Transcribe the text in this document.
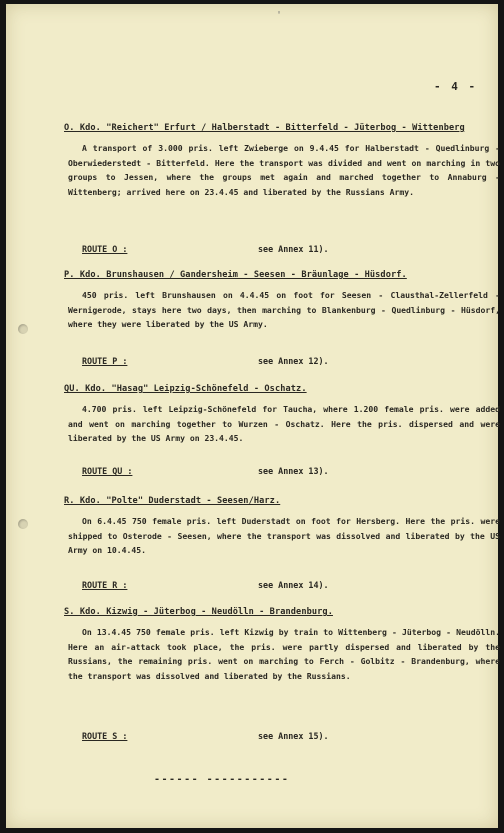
'
- 4 -
O. Kdo. "Reichert" Erfurt / Halberstadt - Bitterfeld - Jüterbog - Wittenberg
A transport of 3.000 pris. left Zwieberge on 9.4.45 for Halberstadt - Quedlinburg - Oberwiederstedt - Bitterfeld. Here the transport was divided and went on marching in two groups to Jessen, where the groups met again and marched together to Annaburg - Wittenberg; arrived here on 23.4.45 and liberated by the Russians Army.
ROUTE O :	see Annex 11).
P. Kdo. Brunshausen / Gandersheim - Seesen - Bräunlage - Hüsdorf.
450 pris. left Brunshausen on 4.4.45 on foot for Seesen - Clausthal-Zellerfeld - Wernigerode, stays here two days, then marching to Blankenburg - Quedlinburg - Hüsdorf, where they were liberated by the US Army.
ROUTE P :	see Annex 12).
QU. Kdo. "Hasag" Leipzig-Schönefeld - Oschatz.
4.700 pris. left Leipzig-Schönefeld for Taucha, where 1.200 female pris. were added and went on marching together to Wurzen - Oschatz. Here the pris. dispersed and were liberated by the US Army on 23.4.45.
ROUTE QU :	see Annex 13).
R. Kdo. "Polte" Duderstadt - Seesen/Harz.
On 6.4.45 750 female pris. left Duderstadt on foot for Hersberg. Here the pris. were shipped to Osterode - Seesen, where the transport was dissolved and liberated by the US Army on 10.4.45.
ROUTE R :	see Annex 14).
S. Kdo. Kizwig - Jüterbog - Neudölln - Brandenburg.
On 13.4.45 750 female pris. left Kizwig by train to Wittenberg - Jüterbog - Neudölln. Here an air-attack took place, the pris. were partly dispersed and liberated by the Russians, the remaining pris. went on marching to Ferch - Golbitz - Brandenburg, where the transport was dissolved and liberated by the Russians.
ROUTE S :	see Annex 15).
------ -----------
